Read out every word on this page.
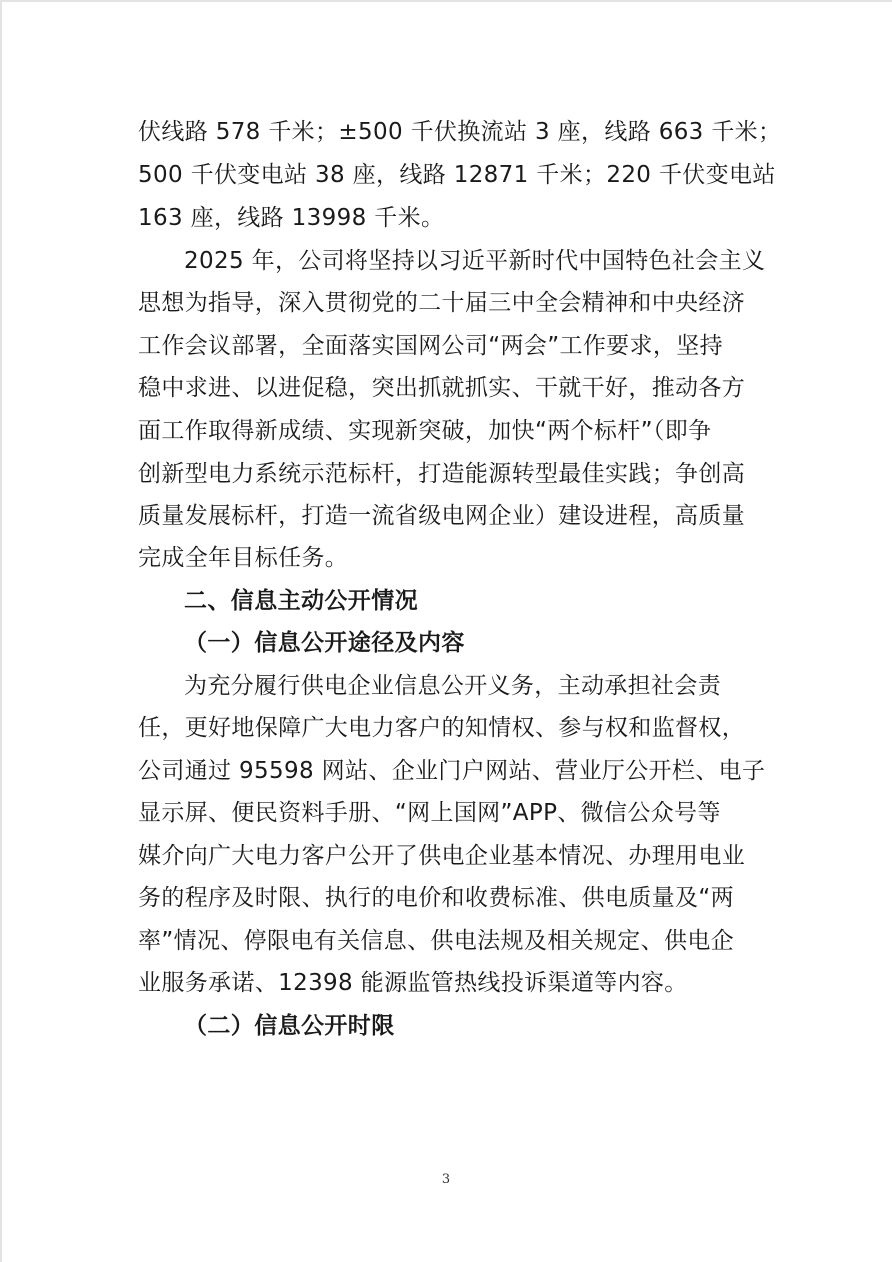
伏线路 578 千米；±500 千伏换流站 3 座，线路 663 千米；

500 千伏变电站 38 座，线路 12871 千米；220 千伏变电站

163 座，线路 13998 千米。

2025 年，公司将坚持以习近平新时代中国特色社会主义

思想为指导，深入贯彻党的二十届三中全会精神和中央经济

工作会议部署，全面落实国网公司“两会”工作要求，坚持

稳中求进、以进促稳，突出抓就抓实、干就干好，推动各方

面工作取得新成绩、实现新突破，加快“两个标杆”（即争

创新型电力系统示范标杆，打造能源转型最佳实践；争创高

质量发展标杆，打造一流省级电网企业）建设进程，高质量

完成全年目标任务。

二、信息主动公开情况
（一）信息公开途径及内容

为充分履行供电企业信息公开义务，主动承担社会责

任，更好地保障广大电力客户的知情权、参与权和监督权，

公司通过 95598 网站、企业门户网站、营业厅公开栏、电子

显示屏、便民资料手册、“网上国网”APP、微信公众号等

媒介向广大电力客户公开了供电企业基本情况、办理用电业

务的程序及时限、执行的电价和收费标准、供电质量及“两

率”情况、停限电有关信息、供电法规及相关规定、供电企

业服务承诺、12398 能源监管热线投诉渠道等内容。

（二）信息公开时限
3
